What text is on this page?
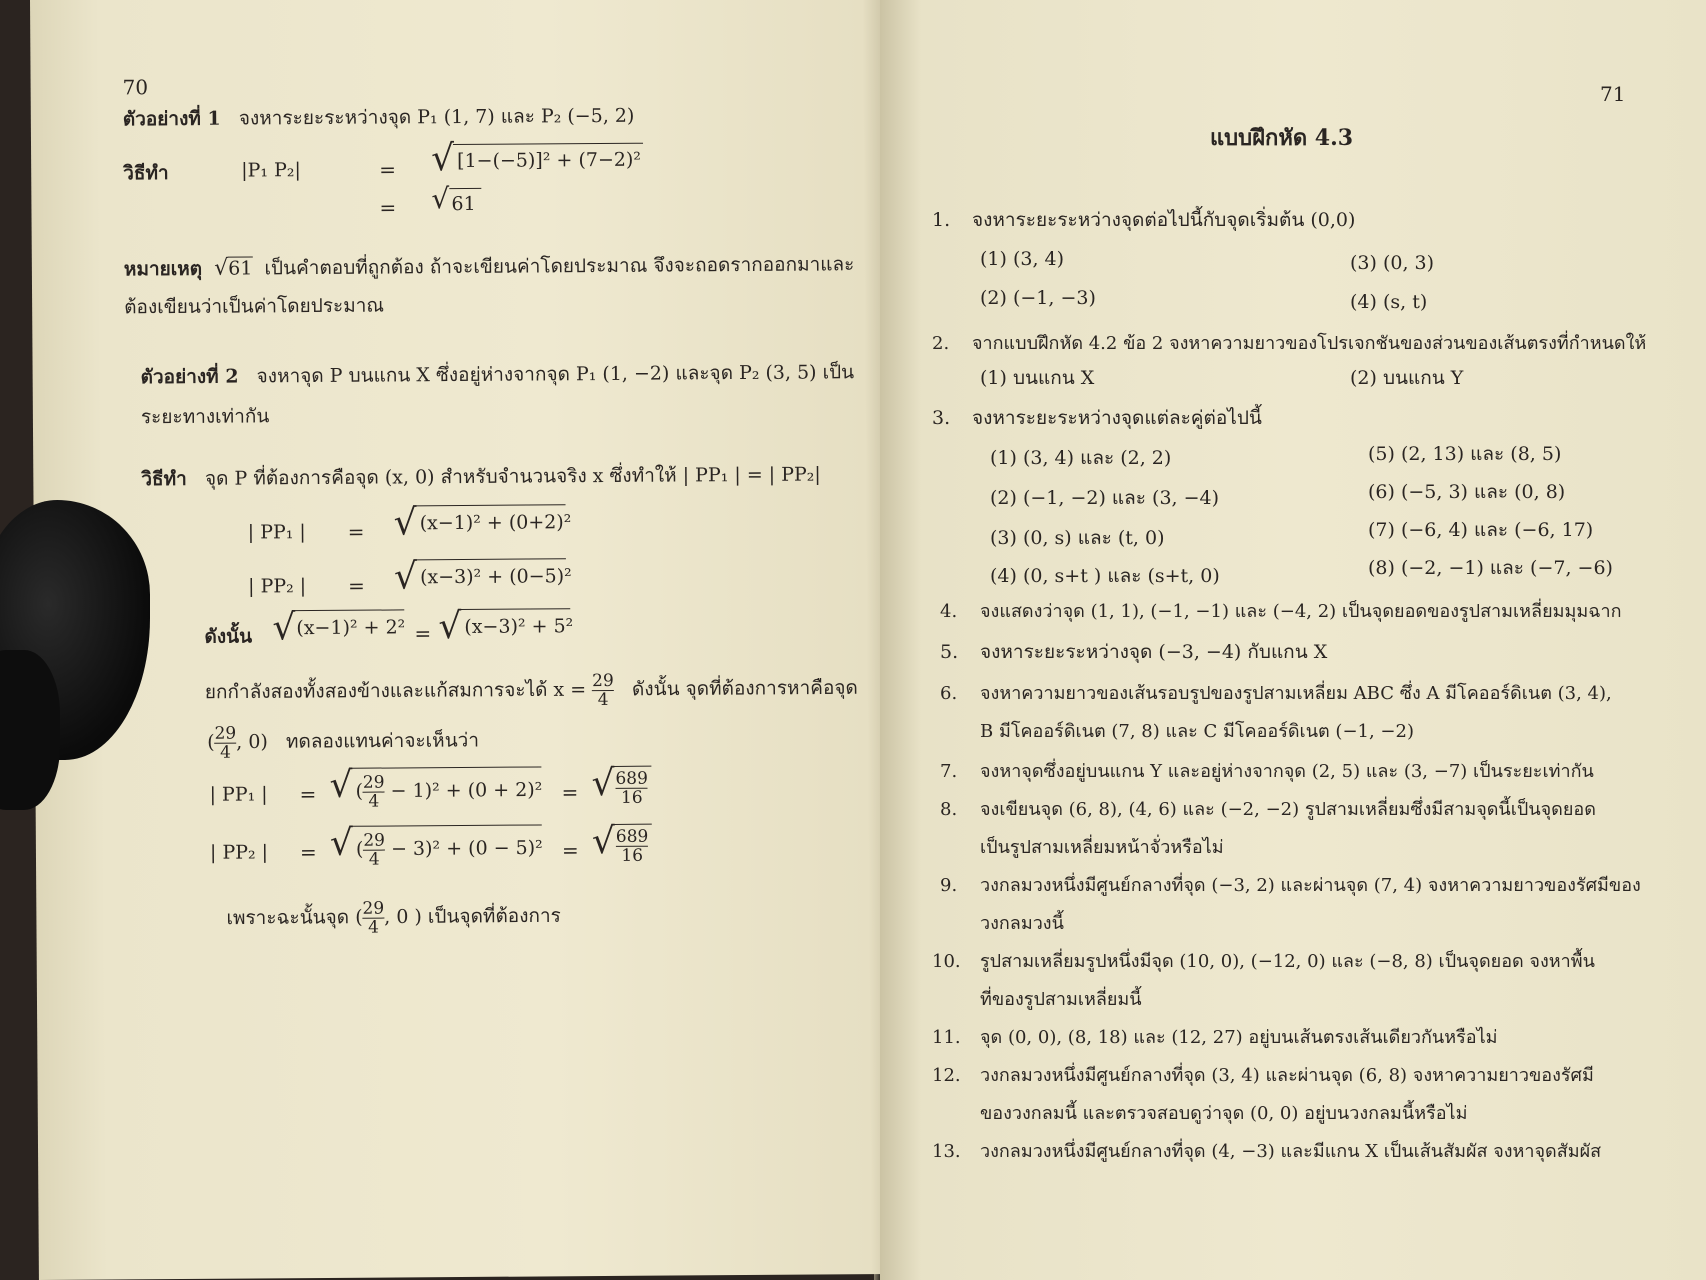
70
ตัวอย่างที่ 1 จงหาระยะระหว่างจุด P₁ (1, 7) และ P₂ (−5, 2)
วิธีทำ	|P₁ P₂|	= √ [1−(−5)]² + (7−2)²
= √ 61
หมายเหตุ √61 เป็นคำตอบที่ถูกต้อง ถ้าจะเขียนค่าโดยประมาณ จึงจะถอดรากออกมาและ
ต้องเขียนว่าเป็นค่าโดยประมาณ
ตัวอย่างที่ 2 จงหาจุด P บนแกน X ซึ่งอยู่ห่างจากจุด P₁ (1, −2) และจุด P₂ (3, 5) เป็น
ระยะทางเท่ากัน
วิธีทำ จุด P ที่ต้องการคือจุด (x, 0) สำหรับจำนวนจริง x ซึ่งทำให้ | PP₁ | = | PP₂|
| PP₁ | = √ (x−1)² + (0+2)²
| PP₂ | = √ (x−3)² + (0−5)²
ดังนั้น √ (x−1)² + 2² = √ (x−3)² + 5²
ยกกำลังสองทั้งสองข้างและแก้สมการจะได้ $x = \frac{29}{4}$ ดังนั้น จุดที่ต้องการหาคือจุด
( $\frac{29}{4}$ , 0) ทดลองแทนค่าจะเห็นว่า
| PP₁ | = √ ( $\frac{29}{4} - 1)^2 + (0 + 2)^2$ = √ $\frac{689}{16}$
| PP₂ | = √ ( $\frac{29}{4} - 3)^2 + (0 - 5)^2$ = √ $\frac{689}{16}$
เพราะฉะนั้นจุด ( $\frac{29}{4}$ , 0 ) เป็นจุดที่ต้องการ
71
แบบฝึกหัด 4.3
1. จงหาระยะระหว่างจุดต่อไปนี้กับจุดเริ่มต้น (0,0)
(1) (3, 4)	(3) (0, 3)
(2) (−1, −3)	(4) (s, t)
2. จากแบบฝึกหัด 4.2 ข้อ 2 จงหาความยาวของโปรเจกชันของส่วนของเส้นตรงที่กำหนดให้
(1) บนแกน X	(2) บนแกน Y
3. จงหาระยะระหว่างจุดแต่ละคู่ต่อไปนี้
(1) (3, 4) และ (2, 2)	(5) (2, 13) และ (8, 5)
(2) (−1, −2) และ (3, −4)	(6) (−5, 3) และ (0, 8)
(3) (0, s) และ (t, 0)	(7) (−6, 4) และ (−6, 17)
(4) (0, s+t ) และ (s+t, 0)	(8) (−2, −1) และ (−7, −6)
4. จงแสดงว่าจุด (1, 1), (−1, −1) และ (−4, 2) เป็นจุดยอดของรูปสามเหลี่ยมมุมฉาก
5. จงหาระยะระหว่างจุด (−3, −4) กับแกน X
6. จงหาความยาวของเส้นรอบรูปของรูปสามเหลี่ยม ABC ซึ่ง A มีโคออร์ดิเนต (3, 4),
B มีโคออร์ดิเนต (7, 8) และ C มีโคออร์ดิเนต (−1, −2)
7. จงหาจุดซึ่งอยู่บนแกน Y และอยู่ห่างจากจุด (2, 5) และ (3, −7) เป็นระยะเท่ากัน
8. จงเขียนจุด (6, 8), (4, 6) และ (−2, −2) รูปสามเหลี่ยมซึ่งมีสามจุดนี้เป็นจุดยอด
เป็นรูปสามเหลี่ยมหน้าจั่วหรือไม่
9. วงกลมวงหนึ่งมีศูนย์กลางที่จุด (−3, 2) และผ่านจุด (7, 4) จงหาความยาวของรัศมีของ
วงกลมวงนี้
10. รูปสามเหลี่ยมรูปหนึ่งมีจุด (10, 0), (−12, 0) และ (−8, 8) เป็นจุดยอด จงหาพื้น
ที่ของรูปสามเหลี่ยมนี้
11. จุด (0, 0), (8, 18) และ (12, 27) อยู่บนเส้นตรงเส้นเดียวกันหรือไม่
12. วงกลมวงหนึ่งมีศูนย์กลางที่จุด (3, 4) และผ่านจุด (6, 8) จงหาความยาวของรัศมี
ของวงกลมนี้ และตรวจสอบดูว่าจุด (0, 0) อยู่บนวงกลมนี้หรือไม่
13. วงกลมวงหนึ่งมีศูนย์กลางที่จุด (4, −3) และมีแกน X เป็นเส้นสัมผัส จงหาจุดสัมผัส
